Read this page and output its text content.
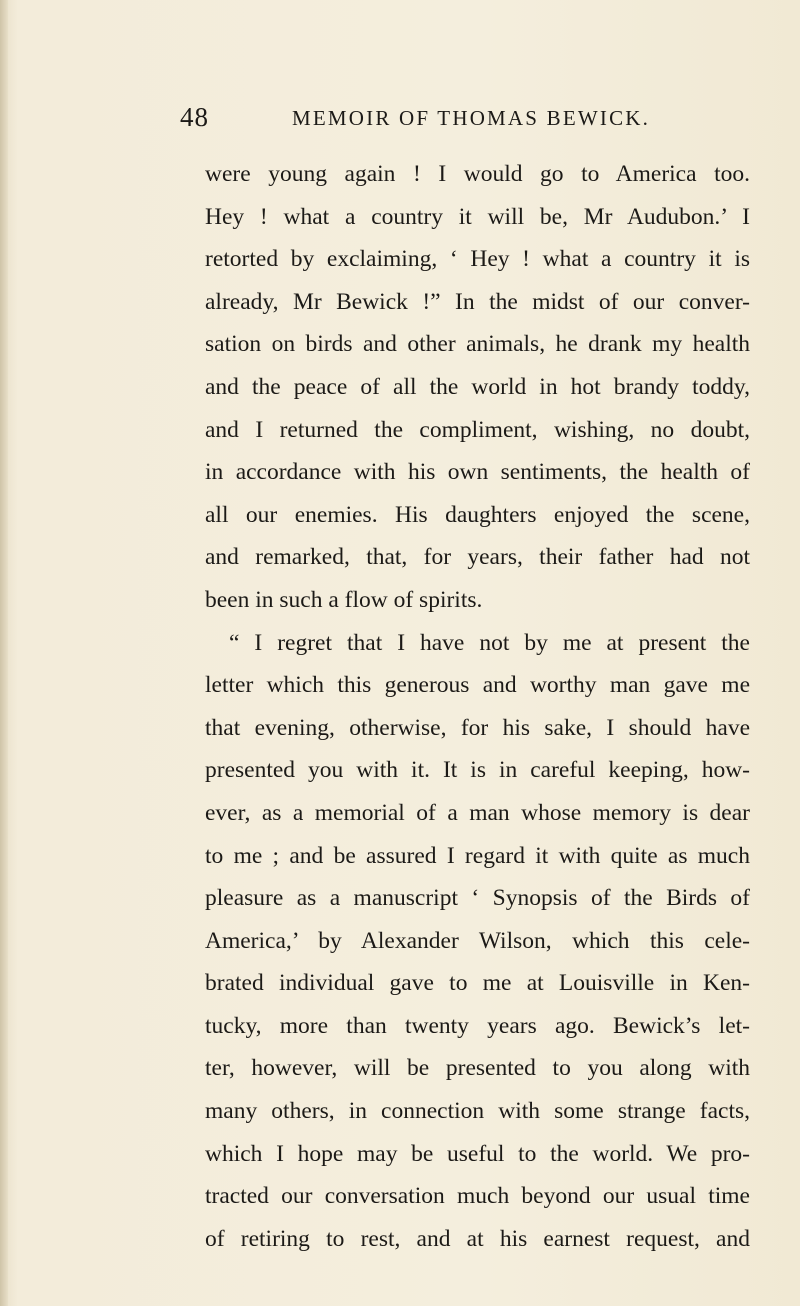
48	MEMOIR OF THOMAS BEWICK.
were young again ! I would go to America too.
Hey ! what a country it will be, Mr Audubon.’ I
retorted by exclaiming, ‘ Hey ! what a country it is
already, Mr Bewick !” In the midst of our conver-
sation on birds and other animals, he drank my health
and the peace of all the world in hot brandy toddy,
and I returned the compliment, wishing, no doubt,
in accordance with his own sentiments, the health of
all our enemies. His daughters enjoyed the scene,
and remarked, that, for years, their father had not
been in such a flow of spirits.
“ I regret that I have not by me at present the
letter which this generous and worthy man gave me
that evening, otherwise, for his sake, I should have
presented you with it. It is in careful keeping, how-
ever, as a memorial of a man whose memory is dear
to me ; and be assured I regard it with quite as much
pleasure as a manuscript ‘ Synopsis of the Birds of
America,’ by Alexander Wilson, which this cele-
brated individual gave to me at Louisville in Ken-
tucky, more than twenty years ago. Bewick’s let-
ter, however, will be presented to you along with
many others, in connection with some strange facts,
which I hope may be useful to the world. We pro-
tracted our conversation much beyond our usual time
of retiring to rest, and at his earnest request, and
